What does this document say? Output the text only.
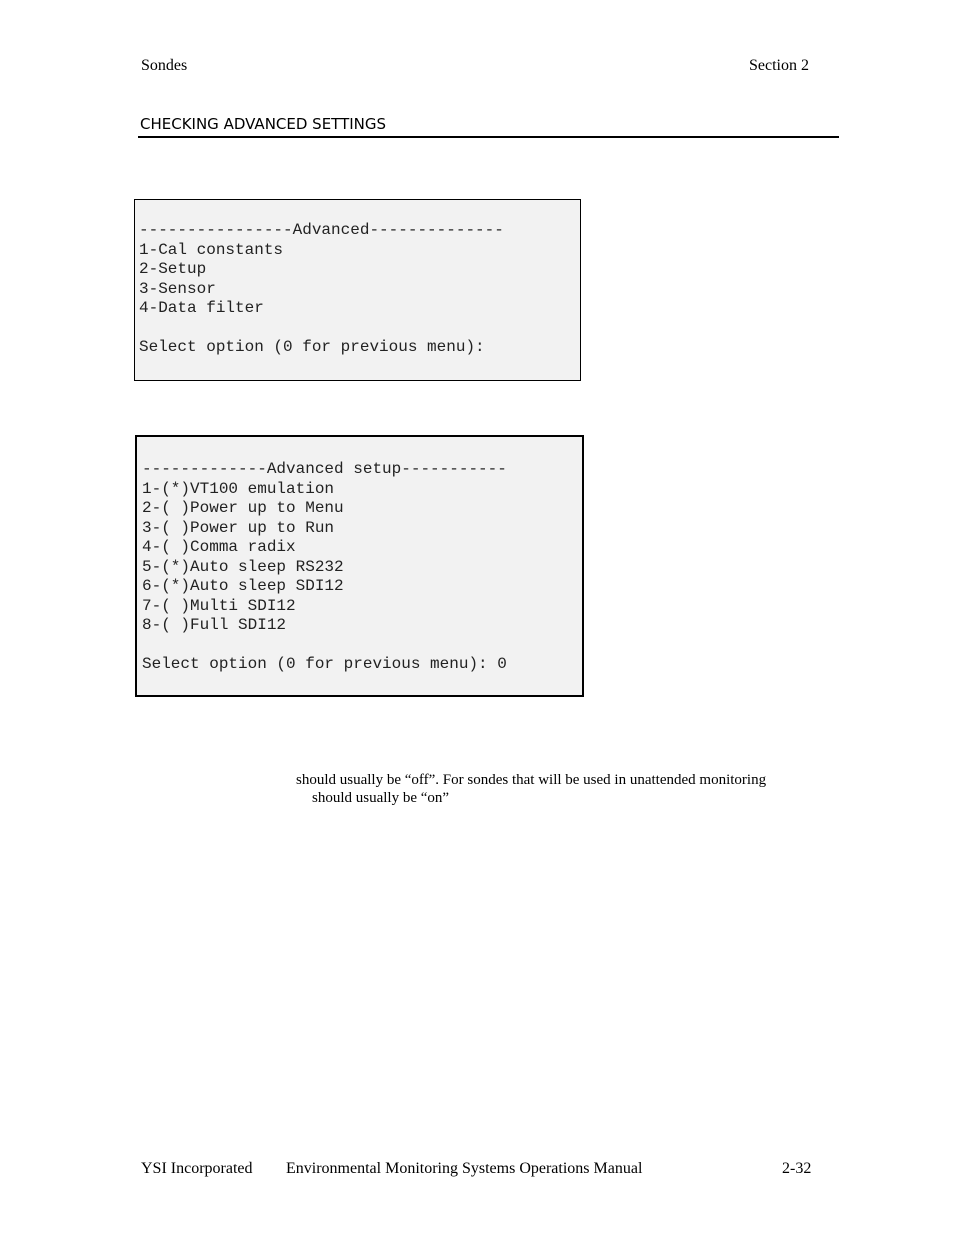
Sondes	Section 2
CHECKING ADVANCED SETTINGS
----------------Advanced--------------
1-Cal constants
2-Setup
3-Sensor
4-Data filter
Select option (0 for previous menu):
-------------Advanced setup-----------
1-(*)VT100 emulation
2-( )Power up to Menu
3-( )Power up to Run
4-( )Comma radix
5-(*)Auto sleep RS232
6-(*)Auto sleep SDI12
7-( )Multi SDI12
8-( )Full SDI12
Select option (0 for previous menu): 0
should usually be “off”. For sondes that will be used in unattended monitoring
should usually be “on”
YSI Incorporated Environmental Monitoring Systems Operations Manual	2-32
